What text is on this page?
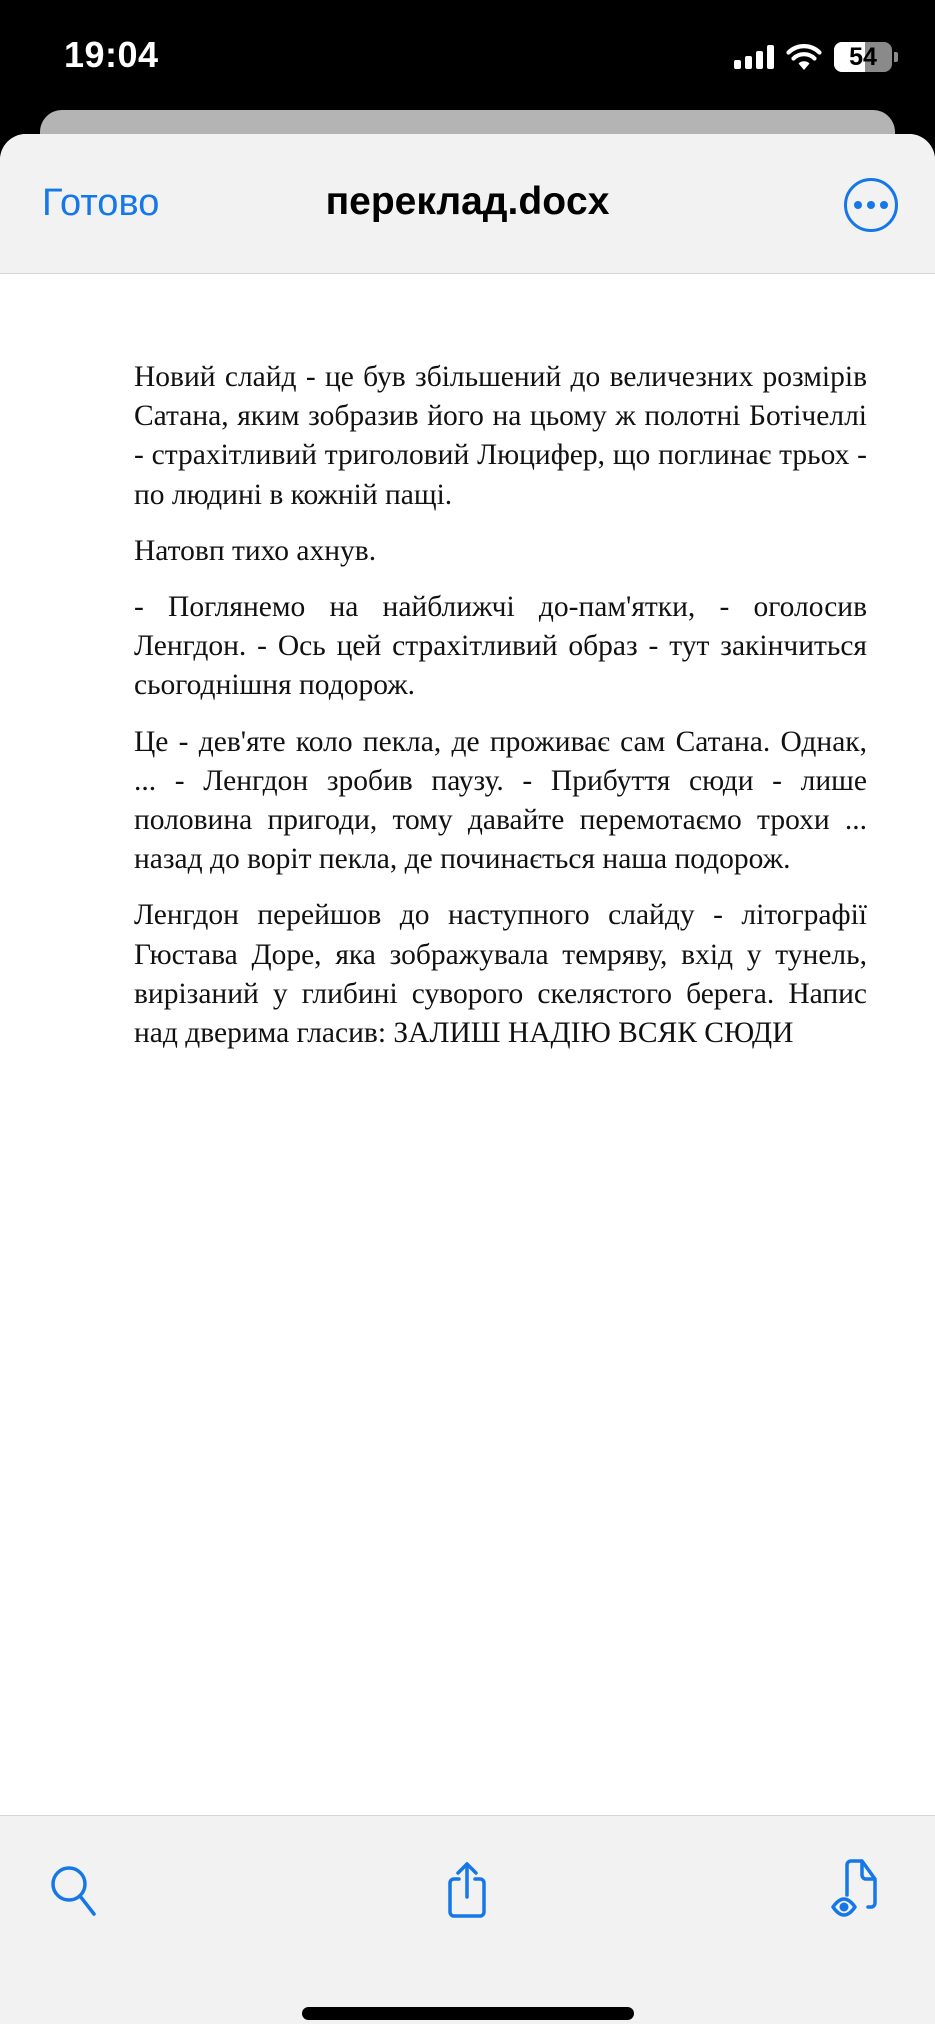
19:04	54
Готово	переклад.docx

Новий слайд - це був збільшений до величезних розмірів Сатана, яким зобразив його на цьому ж полотні Ботічеллі - страхітливий триголовий Люцифер, що поглинає трьох - по людині в кожній пащі.

Натовп тихо ахнув.

- Поглянемо на найближчі до-пам'ятки, - оголосив Ленгдон. - Ось цей страхітливий образ - тут закінчиться сьогоднішня подорож.

Це - дев'яте коло пекла, де проживає сам Сатана. Однак, ... - Ленгдон зробив паузу. - Прибуття сюди - лише половина пригоди, тому давайте перемотаємо трохи ... назад до воріт пекла, де починається наша подорож.

Ленгдон перейшов до наступного слайду - літографії Гюстава Доре, яка зображувала темряву, вхід у тунель, вирізаний у глибині суворого скелястого берега. Напис над дверима гласив: ЗАЛИШ НАДІЮ ВСЯК СЮДИ
